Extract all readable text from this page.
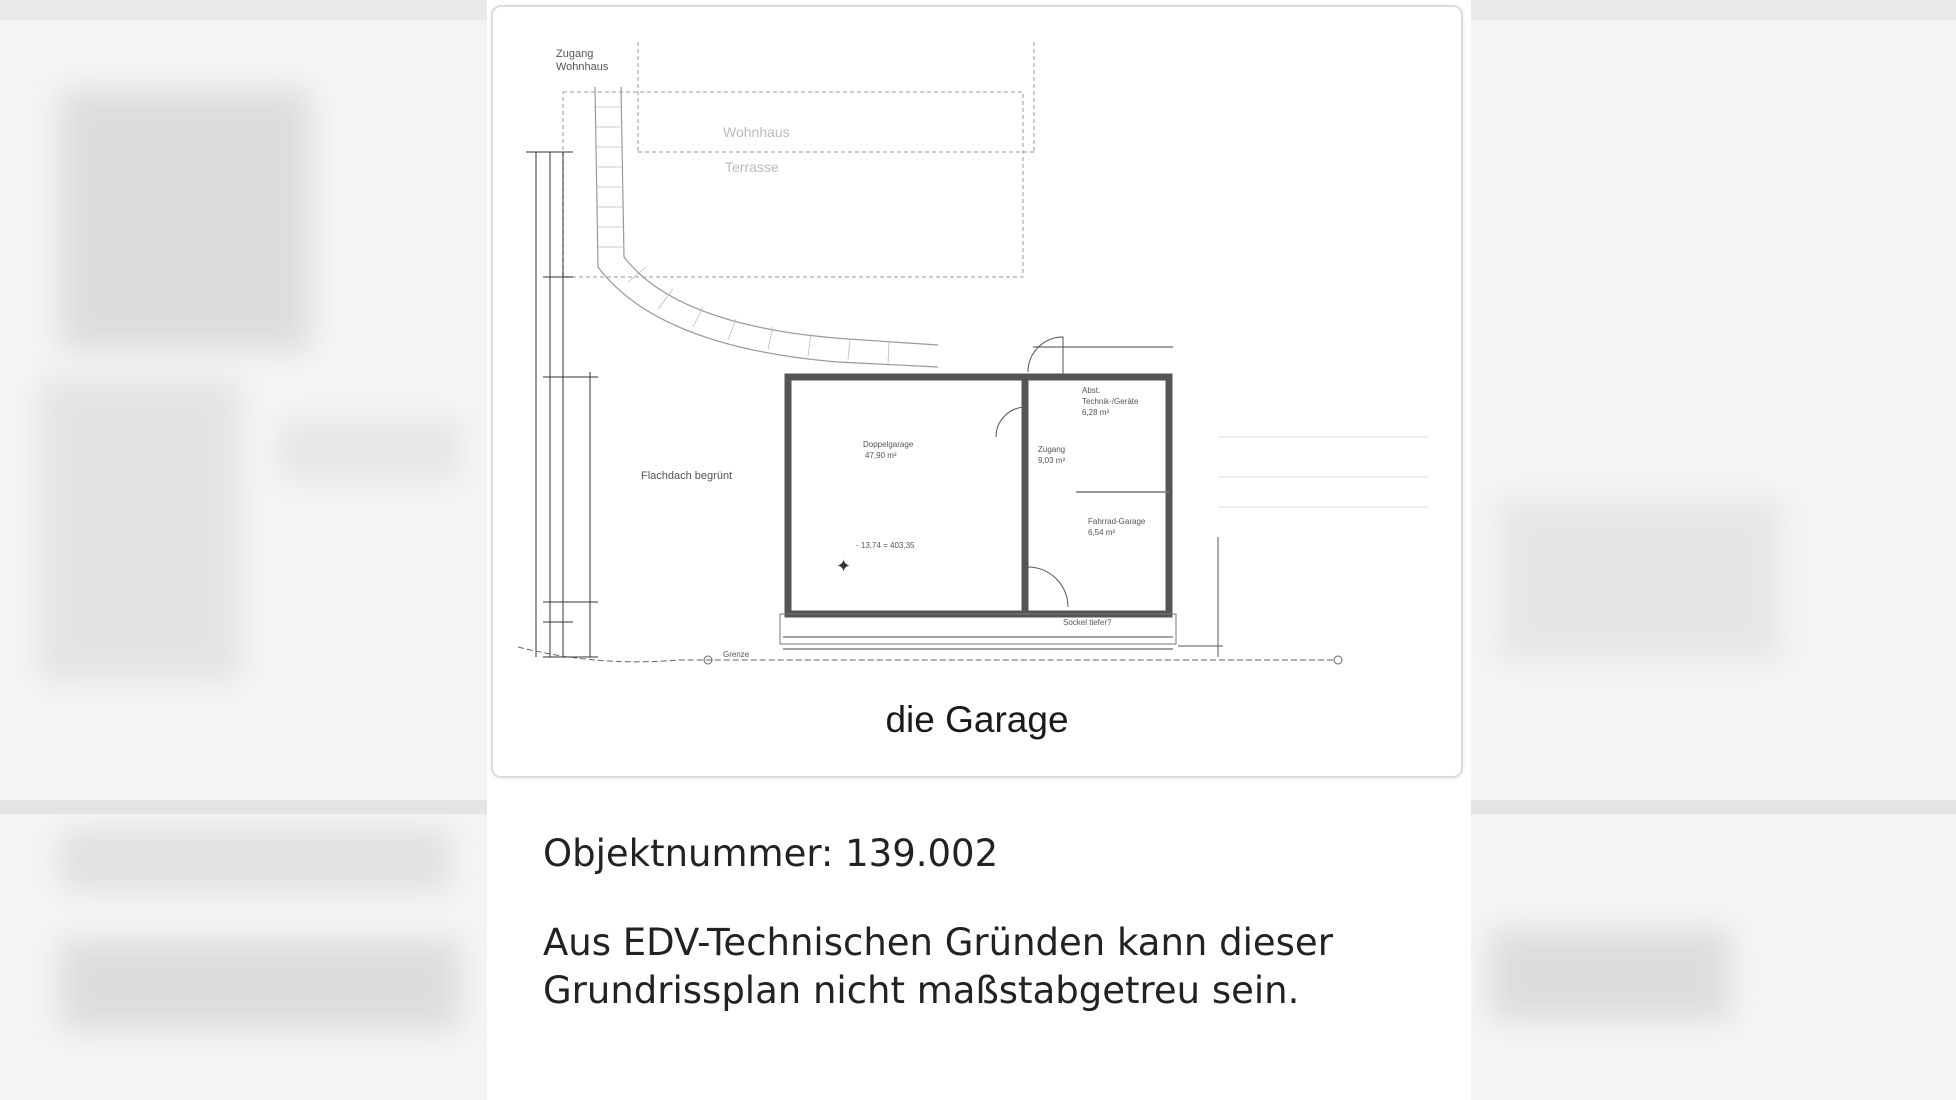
Zugang
Wohnhaus
Wohnhaus
Terrasse
Flachdach begrünt
Doppelgarage
47,90 m²
Zugang
9,03 m²
Abst.
Technik-/Geräte
6,28 m²
Fahrrad-Garage
6,54 m²
- 13,74 = 403,35
✦
Sockel tiefer?
Grenze
die Garage

Objektnummer: 139.002

Aus EDV-Technischen Gründen kann dieser
Grundrissplan nicht maßstabgetreu sein.
